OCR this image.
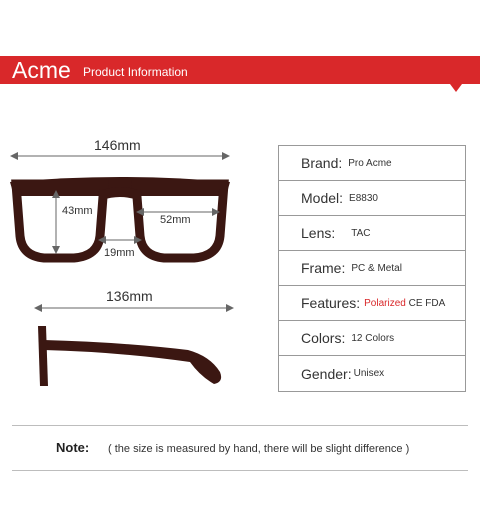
Acme Product Information
146mm
43mm
52mm
19mm
136mm
Brand: Pro Acme
Model: E8830
Lens: TAC
Frame: PC & Metal
Features: Polarized CE FDA
Colors: 12 Colors
Gender: Unisex
Note: ( the size is measured by hand, there will be slight difference )
